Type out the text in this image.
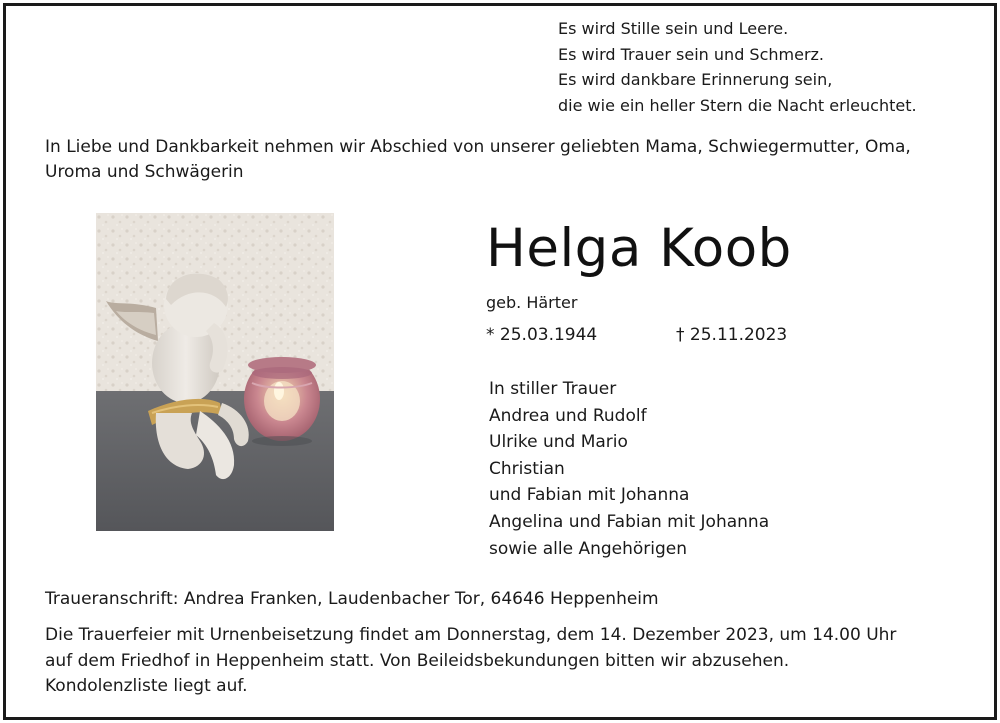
Es wird Stille sein und Leere.
Es wird Trauer sein und Schmerz.
Es wird dankbare Erinnerung sein,
die wie ein heller Stern die Nacht erleuchtet.
In Liebe und Dankbarkeit nehmen wir Abschied von unserer geliebten Mama, Schwiegermutter, Oma, Uroma und Schwägerin
Helga Koob
geb. Härter
* 25.03.1944	† 25.11.2023
In stiller Trauer
Andrea und Rudolf
Ulrike und Mario
Christian
und Fabian mit Johanna
Angelina und Fabian mit Johanna
sowie alle Angehörigen
Traueranschrift: Andrea Franken, Laudenbacher Tor, 64646 Heppenheim
Die Trauerfeier mit Urnenbeisetzung findet am Donnerstag, dem 14. Dezember 2023, um 14.00 Uhr
auf dem Friedhof in Heppenheim statt. Von Beileidsbekundungen bitten wir abzusehen.
Kondolenzliste liegt auf.
